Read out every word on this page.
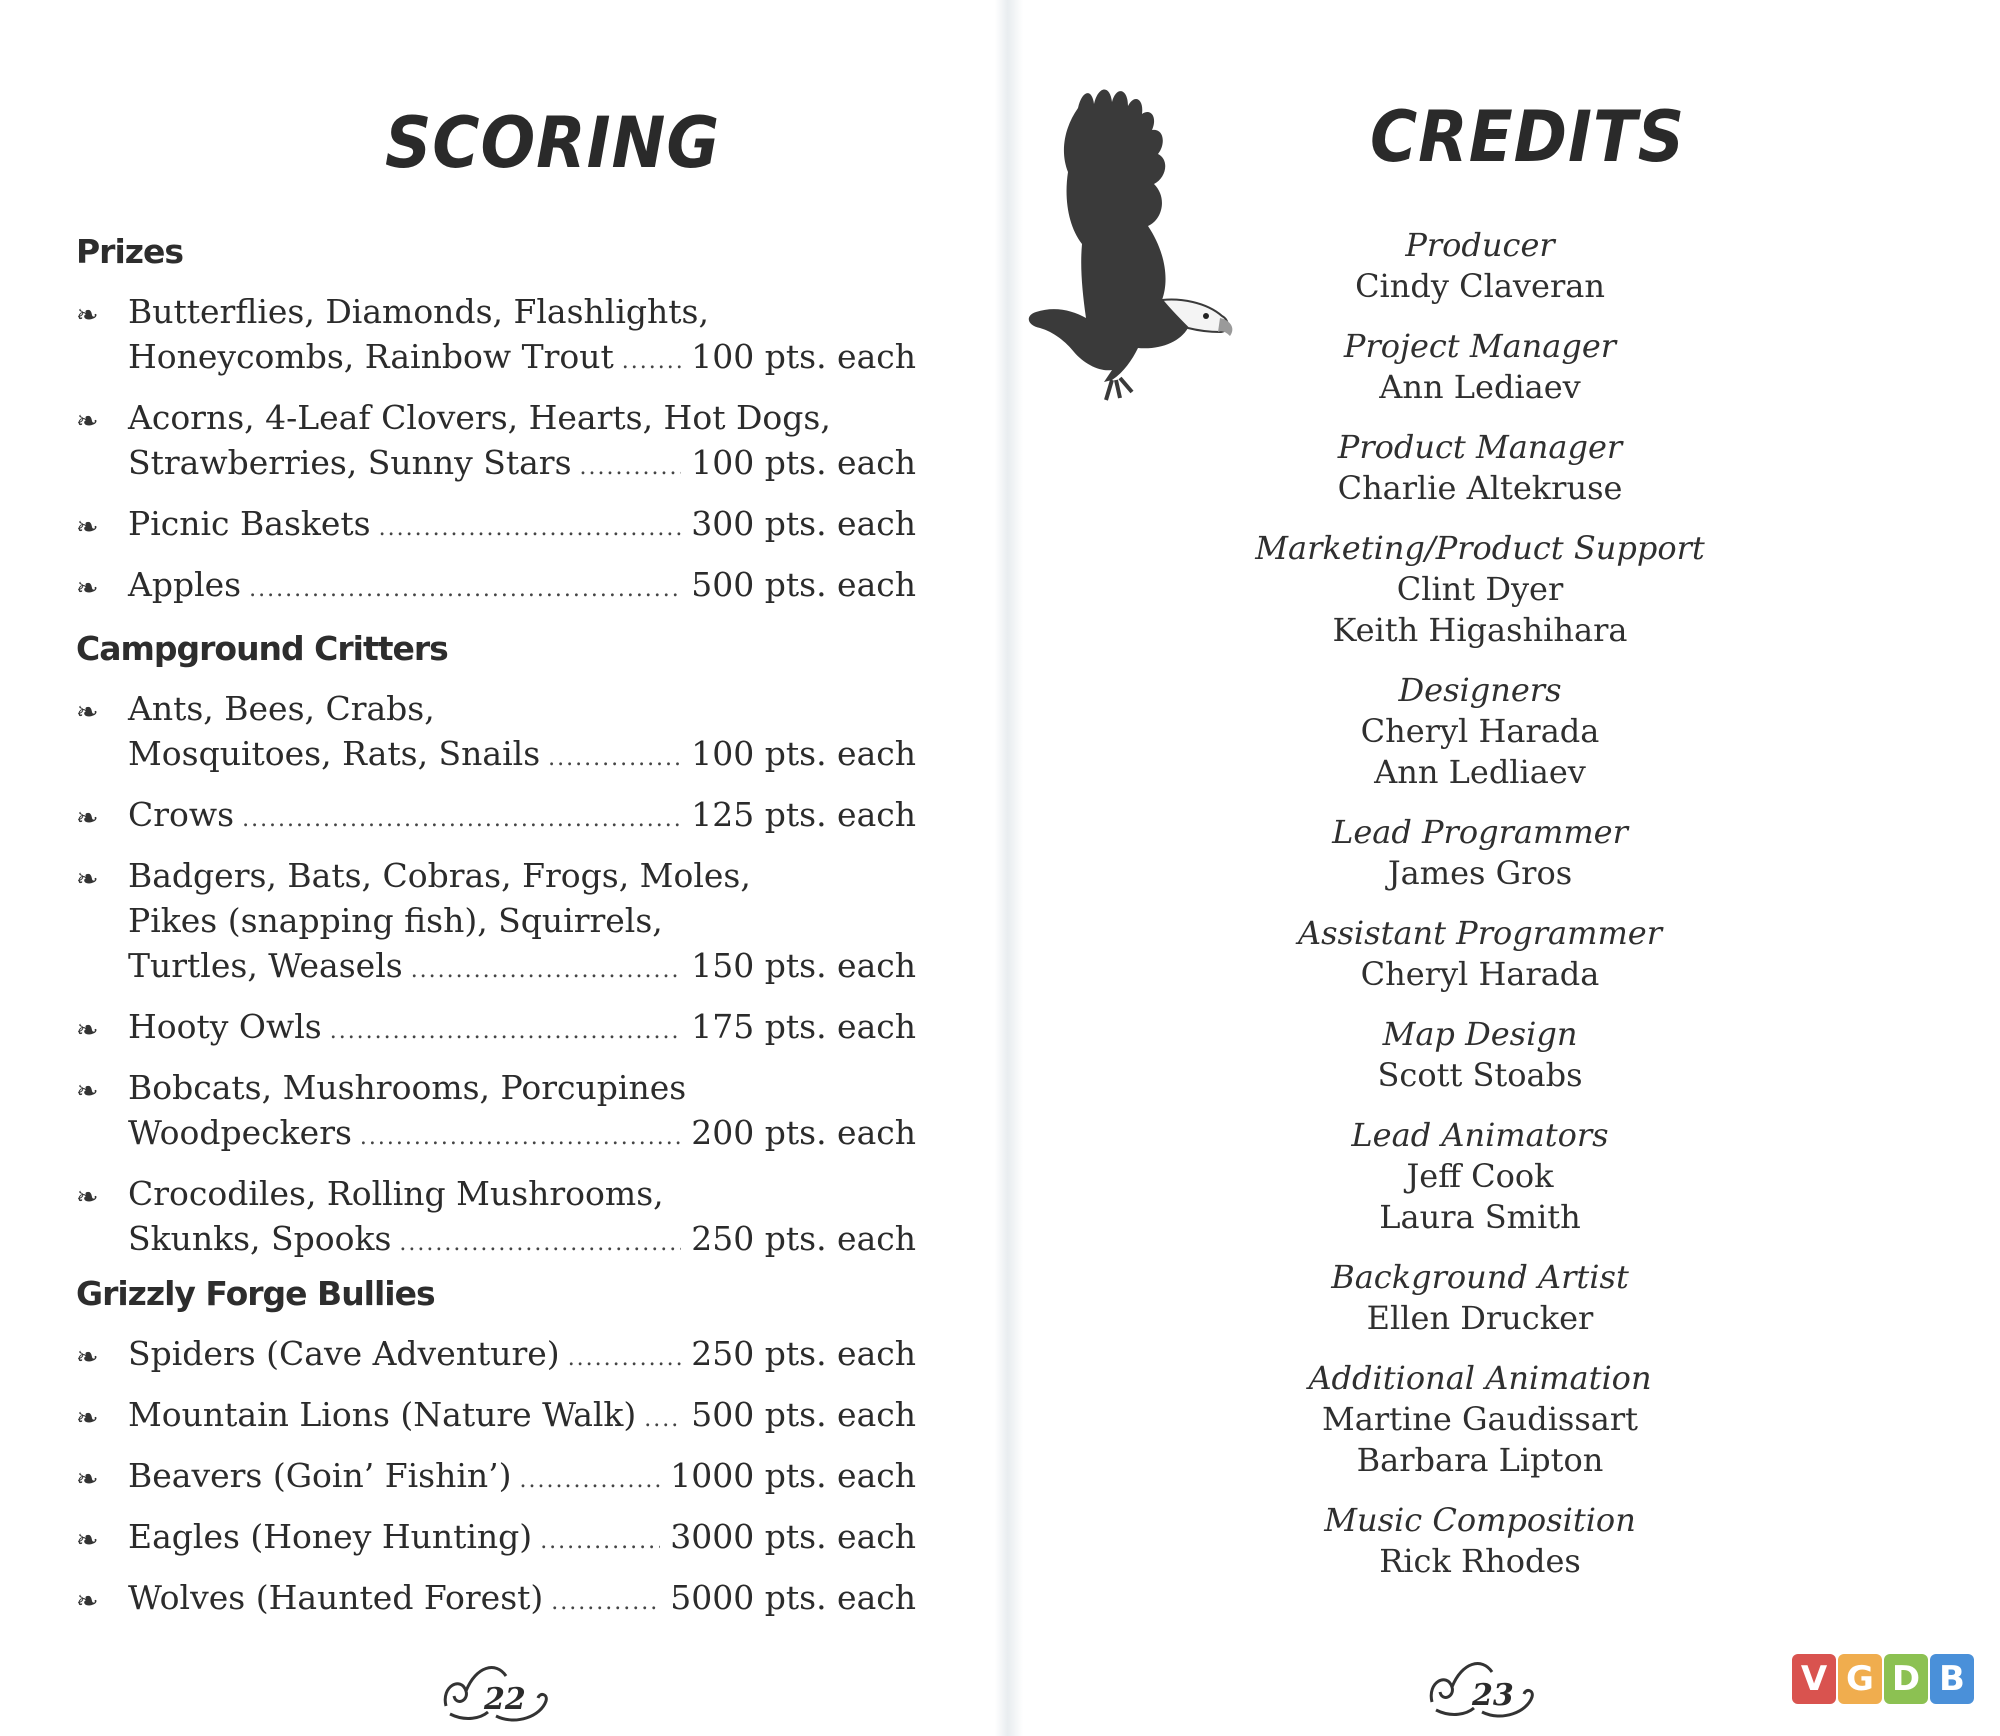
SCORING
Prizes
❧ Butterflies, Diamonds, Flashlights,
Honeycombs, Rainbow Trout ..... 100 pts. each
❧ Acorns, 4-Leaf Clovers, Hearts, Hot Dogs,
Strawberries, Sunny Stars .....	100 pts. each
❧ Picnic Baskets .....	300 pts. each
❧ Apples .....	500 pts. each
Campground Critters
❧ Ants, Bees, Crabs,
Mosquitoes, Rats, Snails .....	100 pts. each
❧ Crows .....	125 pts. each
❧ Badgers, Bats, Cobras, Frogs, Moles,
Pikes (snapping fish), Squirrels,
Turtles, Weasels .....	150 pts. each
❧ Hooty Owls .....	175 pts. each
❧ Bobcats, Mushrooms, Porcupines
Woodpeckers .....	200 pts. each
❧ Crocodiles, Rolling Mushrooms,
Skunks, Spooks .....	250 pts. each
Grizzly Forge Bullies
❧ Spiders (Cave Adventure) .....	250 pts. each
❧ Mountain Lions (Nature Walk) ..... 500 pts. each
❧ Beavers (Goin’ Fishin’) .....	1000 pts. each
❧ Eagles (Honey Hunting) .....	3000 pts. each
❧ Wolves (Haunted Forest) .....	5000 pts. each
22
CREDITS
23
Producer
Cindy Claveran
Project Manager
Ann Lediaev
Product Manager
Charlie Altekruse
Marketing/Product Support
Clint Dyer
Keith Higashihara
Designers
Cheryl Harada
Ann Ledliaev
Lead Programmer
James Gros
Assistant Programmer
Cheryl Harada
Map Design
Scott Stoabs
Lead Animators
Jeff Cook
Laura Smith
Background Artist
Ellen Drucker
Additional Animation
Martine Gaudissart
Barbara Lipton
Music Composition
Rick Rhodes
V G D B
